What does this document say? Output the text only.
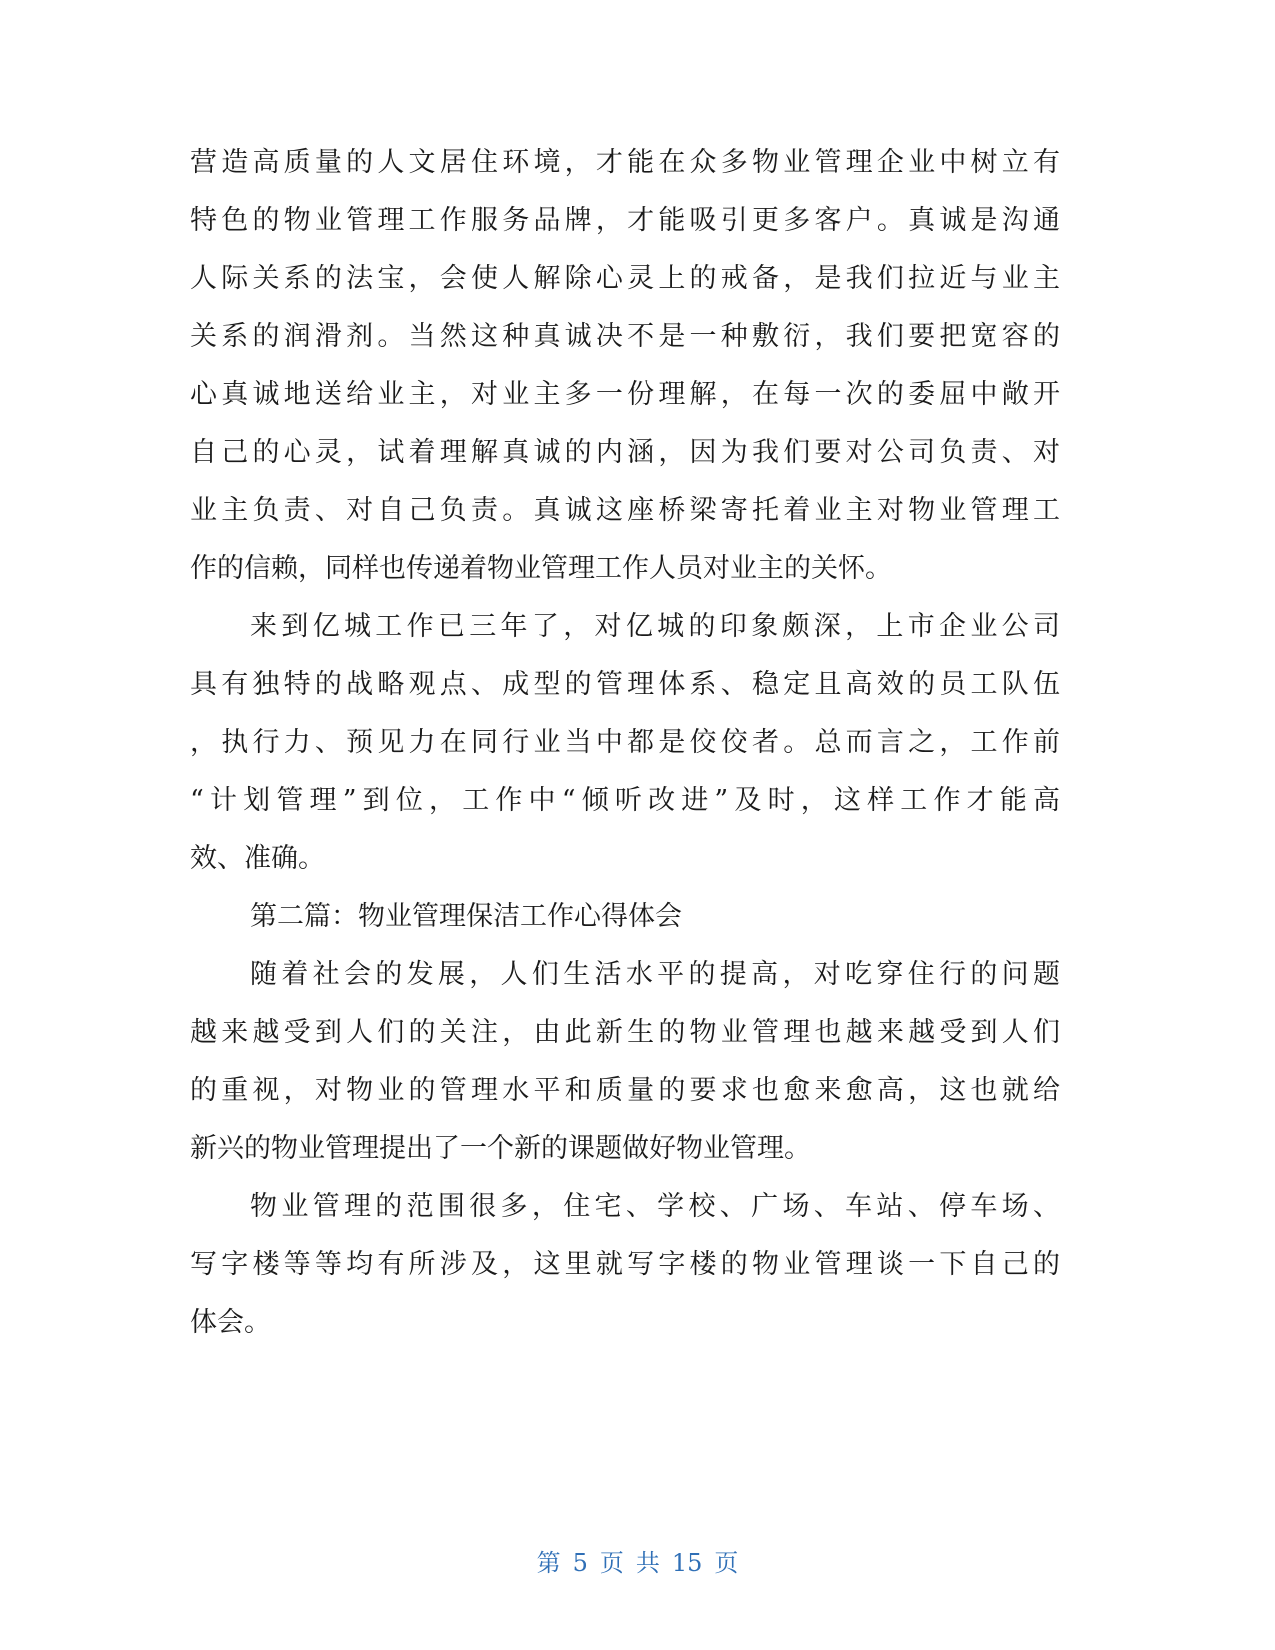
营造高质量的人文居住环境，才能在众多物业管理企业中树立有
特色的物业管理工作服务品牌，才能吸引更多客户。真诚是沟通
人际关系的法宝，会使人解除心灵上的戒备，是我们拉近与业主
关系的润滑剂。当然这种真诚决不是一种敷衍，我们要把宽容的
心真诚地送给业主，对业主多一份理解，在每一次的委屈中敞开
自己的心灵，试着理解真诚的内涵，因为我们要对公司负责、对
业主负责、对自己负责。真诚这座桥梁寄托着业主对物业管理工
作的信赖，同样也传递着物业管理工作人员对业主的关怀。
来到亿城工作已三年了，对亿城的印象颇深，上市企业公司
具有独特的战略观点、成型的管理体系、稳定且高效的员工队伍
，执行力、预见力在同行业当中都是佼佼者。总而言之，工作前
“计划管理”到位，工作中“倾听改进”及时，这样工作才能高
效、准确。
第二篇：物业管理保洁工作心得体会
随着社会的发展，人们生活水平的提高，对吃穿住行的问题
越来越受到人们的关注，由此新生的物业管理也越来越受到人们
的重视，对物业的管理水平和质量的要求也愈来愈高，这也就给
新兴的物业管理提出了一个新的课题做好物业管理。
物业管理的范围很多，住宅、学校、广场、车站、停车场、
写字楼等等均有所涉及，这里就写字楼的物业管理谈一下自己的
体会。
第 5 页 共 15 页
